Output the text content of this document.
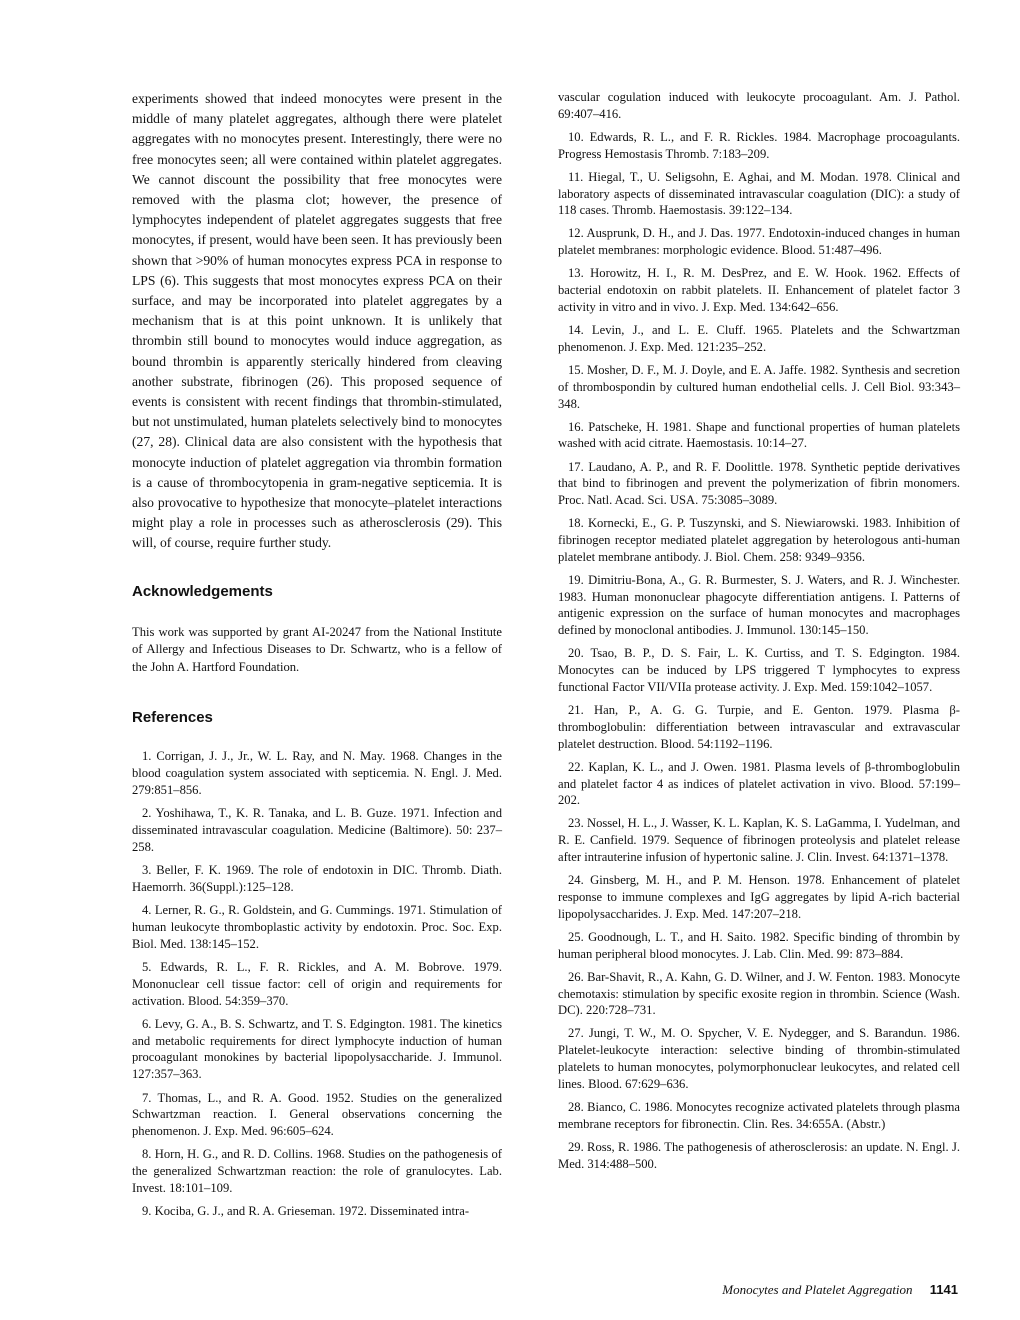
experiments showed that indeed monocytes were present in the middle of many platelet aggregates, although there were platelet aggregates with no monocytes present. Interestingly, there were no free monocytes seen; all were contained within platelet aggregates. We cannot discount the possibility that free monocytes were removed with the plasma clot; however, the presence of lymphocytes independent of platelet aggregates suggests that free monocytes, if present, would have been seen. It has previously been shown that >90% of human monocytes express PCA in response to LPS (6). This suggests that most monocytes express PCA on their surface, and may be incorporated into platelet aggregates by a mechanism that is at this point unknown. It is unlikely that thrombin still bound to monocytes would induce aggregation, as bound thrombin is apparently sterically hindered from cleaving another substrate, fibrinogen (26). This proposed sequence of events is consistent with recent findings that thrombin-stimulated, but not unstimulated, human platelets selectively bind to monocytes (27, 28). Clinical data are also consistent with the hypothesis that monocyte induction of platelet aggregation via thrombin formation is a cause of thrombocytopenia in gram-negative septicemia. It is also provocative to hypothesize that monocyte–platelet interactions might play a role in processes such as atherosclerosis (29). This will, of course, require further study.

Acknowledgements

This work was supported by grant AI-20247 from the National Institute of Allergy and Infectious Diseases to Dr. Schwartz, who is a fellow of the John A. Hartford Foundation.

References

1. Corrigan, J. J., Jr., W. L. Ray, and N. May. 1968. Changes in the blood coagulation system associated with septicemia. N. Engl. J. Med. 279:851–856.

2. Yoshihawa, T., K. R. Tanaka, and L. B. Guze. 1971. Infection and disseminated intravascular coagulation. Medicine (Baltimore). 50: 237–258.

3. Beller, F. K. 1969. The role of endotoxin in DIC. Thromb. Diath. Haemorrh. 36(Suppl.):125–128.

4. Lerner, R. G., R. Goldstein, and G. Cummings. 1971. Stimulation of human leukocyte thromboplastic activity by endotoxin. Proc. Soc. Exp. Biol. Med. 138:145–152.

5. Edwards, R. L., F. R. Rickles, and A. M. Bobrove. 1979. Mononuclear cell tissue factor: cell of origin and requirements for activation. Blood. 54:359–370.

6. Levy, G. A., B. S. Schwartz, and T. S. Edgington. 1981. The kinetics and metabolic requirements for direct lymphocyte induction of human procoagulant monokines by bacterial lipopolysaccharide. J. Immunol. 127:357–363.

7. Thomas, L., and R. A. Good. 1952. Studies on the generalized Schwartzman reaction. I. General observations concerning the phenomenon. J. Exp. Med. 96:605–624.

8. Horn, H. G., and R. D. Collins. 1968. Studies on the pathogenesis of the generalized Schwartzman reaction: the role of granulocytes. Lab. Invest. 18:101–109.

9. Kociba, G. J., and R. A. Grieseman. 1972. Disseminated intra-

vascular cogulation induced with leukocyte procoagulant. Am. J. Pathol. 69:407–416.

10. Edwards, R. L., and F. R. Rickles. 1984. Macrophage procoagulants. Progress Hemostasis Thromb. 7:183–209.

11. Hiegal, T., U. Seligsohn, E. Aghai, and M. Modan. 1978. Clinical and laboratory aspects of disseminated intravascular coagulation (DIC): a study of 118 cases. Thromb. Haemostasis. 39:122–134.

12. Ausprunk, D. H., and J. Das. 1977. Endotoxin-induced changes in human platelet membranes: morphologic evidence. Blood. 51:487–496.

13. Horowitz, H. I., R. M. DesPrez, and E. W. Hook. 1962. Effects of bacterial endotoxin on rabbit platelets. II. Enhancement of platelet factor 3 activity in vitro and in vivo. J. Exp. Med. 134:642–656.

14. Levin, J., and L. E. Cluff. 1965. Platelets and the Schwartzman phenomenon. J. Exp. Med. 121:235–252.

15. Mosher, D. F., M. J. Doyle, and E. A. Jaffe. 1982. Synthesis and secretion of thrombospondin by cultured human endothelial cells. J. Cell Biol. 93:343–348.

16. Patscheke, H. 1981. Shape and functional properties of human platelets washed with acid citrate. Haemostasis. 10:14–27.

17. Laudano, A. P., and R. F. Doolittle. 1978. Synthetic peptide derivatives that bind to fibrinogen and prevent the polymerization of fibrin monomers. Proc. Natl. Acad. Sci. USA. 75:3085–3089.

18. Kornecki, E., G. P. Tuszynski, and S. Niewiarowski. 1983. Inhibition of fibrinogen receptor mediated platelet aggregation by heterologous anti-human platelet membrane antibody. J. Biol. Chem. 258: 9349–9356.

19. Dimitriu-Bona, A., G. R. Burmester, S. J. Waters, and R. J. Winchester. 1983. Human mononuclear phagocyte differentiation antigens. I. Patterns of antigenic expression on the surface of human monocytes and macrophages defined by monoclonal antibodies. J. Immunol. 130:145–150.

20. Tsao, B. P., D. S. Fair, L. K. Curtiss, and T. S. Edgington. 1984. Monocytes can be induced by LPS triggered T lymphocytes to express functional Factor VII/VIIa protease activity. J. Exp. Med. 159:1042–1057.

21. Han, P., A. G. G. Turpie, and E. Genton. 1979. Plasma β-thromboglobulin: differentiation between intravascular and extravascular platelet destruction. Blood. 54:1192–1196.

22. Kaplan, K. L., and J. Owen. 1981. Plasma levels of β-thromboglobulin and platelet factor 4 as indices of platelet activation in vivo. Blood. 57:199–202.

23. Nossel, H. L., J. Wasser, K. L. Kaplan, K. S. LaGamma, I. Yudelman, and R. E. Canfield. 1979. Sequence of fibrinogen proteolysis and platelet release after intrauterine infusion of hypertonic saline. J. Clin. Invest. 64:1371–1378.

24. Ginsberg, M. H., and P. M. Henson. 1978. Enhancement of platelet response to immune complexes and IgG aggregates by lipid A-rich bacterial lipopolysaccharides. J. Exp. Med. 147:207–218.

25. Goodnough, L. T., and H. Saito. 1982. Specific binding of thrombin by human peripheral blood monocytes. J. Lab. Clin. Med. 99: 873–884.

26. Bar-Shavit, R., A. Kahn, G. D. Wilner, and J. W. Fenton. 1983. Monocyte chemotaxis: stimulation by specific exosite region in thrombin. Science (Wash. DC). 220:728–731.

27. Jungi, T. W., M. O. Spycher, V. E. Nydegger, and S. Barandun. 1986. Platelet-leukocyte interaction: selective binding of thrombin-stimulated platelets to human monocytes, polymorphonuclear leukocytes, and related cell lines. Blood. 67:629–636.

28. Bianco, C. 1986. Monocytes recognize activated platelets through plasma membrane receptors for fibronectin. Clin. Res. 34:655A. (Abstr.)

29. Ross, R. 1986. The pathogenesis of atherosclerosis: an update. N. Engl. J. Med. 314:488–500.

Monocytes and Platelet Aggregation 1141
